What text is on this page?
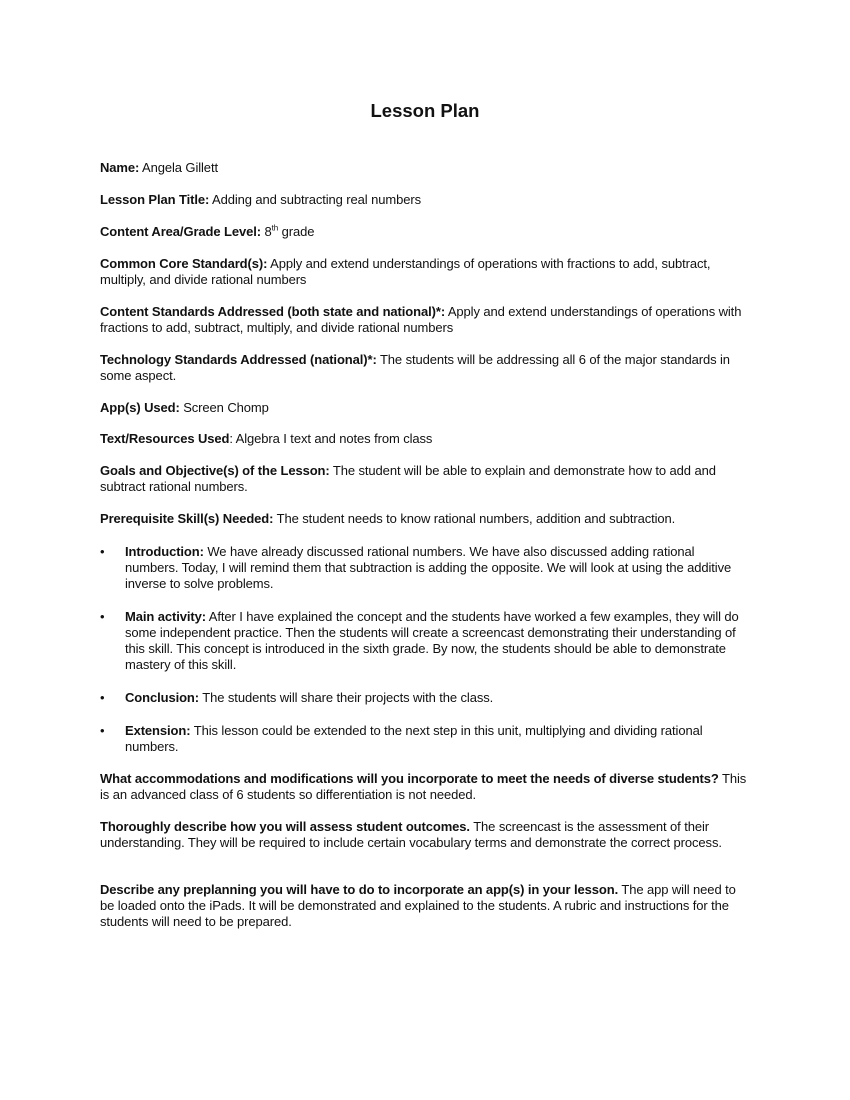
Lesson Plan

Name: Angela Gillett

Lesson Plan Title: Adding and subtracting real numbers

Content Area/Grade Level: 8th grade

Common Core Standard(s): Apply and extend understandings of operations with fractions to add, subtract, multiply, and divide rational numbers

Content Standards Addressed (both state and national)*: Apply and extend understandings of operations with fractions to add, subtract, multiply, and divide rational numbers

Technology Standards Addressed (national)*: The students will be addressing all 6 of the major standards in some aspect.

App(s) Used: Screen Chomp

Text/Resources Used: Algebra I text and notes from class

Goals and Objective(s) of the Lesson: The student will be able to explain and demonstrate how to add and subtract rational numbers.

Prerequisite Skill(s) Needed: The student needs to know rational numbers, addition and subtraction.

•	Introduction: We have already discussed rational numbers. We have also discussed adding rational numbers. Today, I will remind them that subtraction is adding the opposite. We will look at using the additive inverse to solve problems.
•	Main activity: After I have explained the concept and the students have worked a few examples, they will do some independent practice. Then the students will create a screencast demonstrating their understanding of this skill. This concept is introduced in the sixth grade. By now, the students should be able to demonstrate mastery of this skill.
•	Conclusion: The students will share their projects with the class.
•	Extension: This lesson could be extended to the next step in this unit, multiplying and dividing rational numbers.

What accommodations and modifications will you incorporate to meet the needs of diverse students? This is an advanced class of 6 students so differentiation is not needed.

Thoroughly describe how you will assess student outcomes. The screencast is the assessment of their understanding. They will be required to include certain vocabulary terms and demonstrate the correct process.

Describe any preplanning you will have to do to incorporate an app(s) in your lesson. The app will need to be loaded onto the iPads. It will be demonstrated and explained to the students. A rubric and instructions for the students will need to be prepared.
